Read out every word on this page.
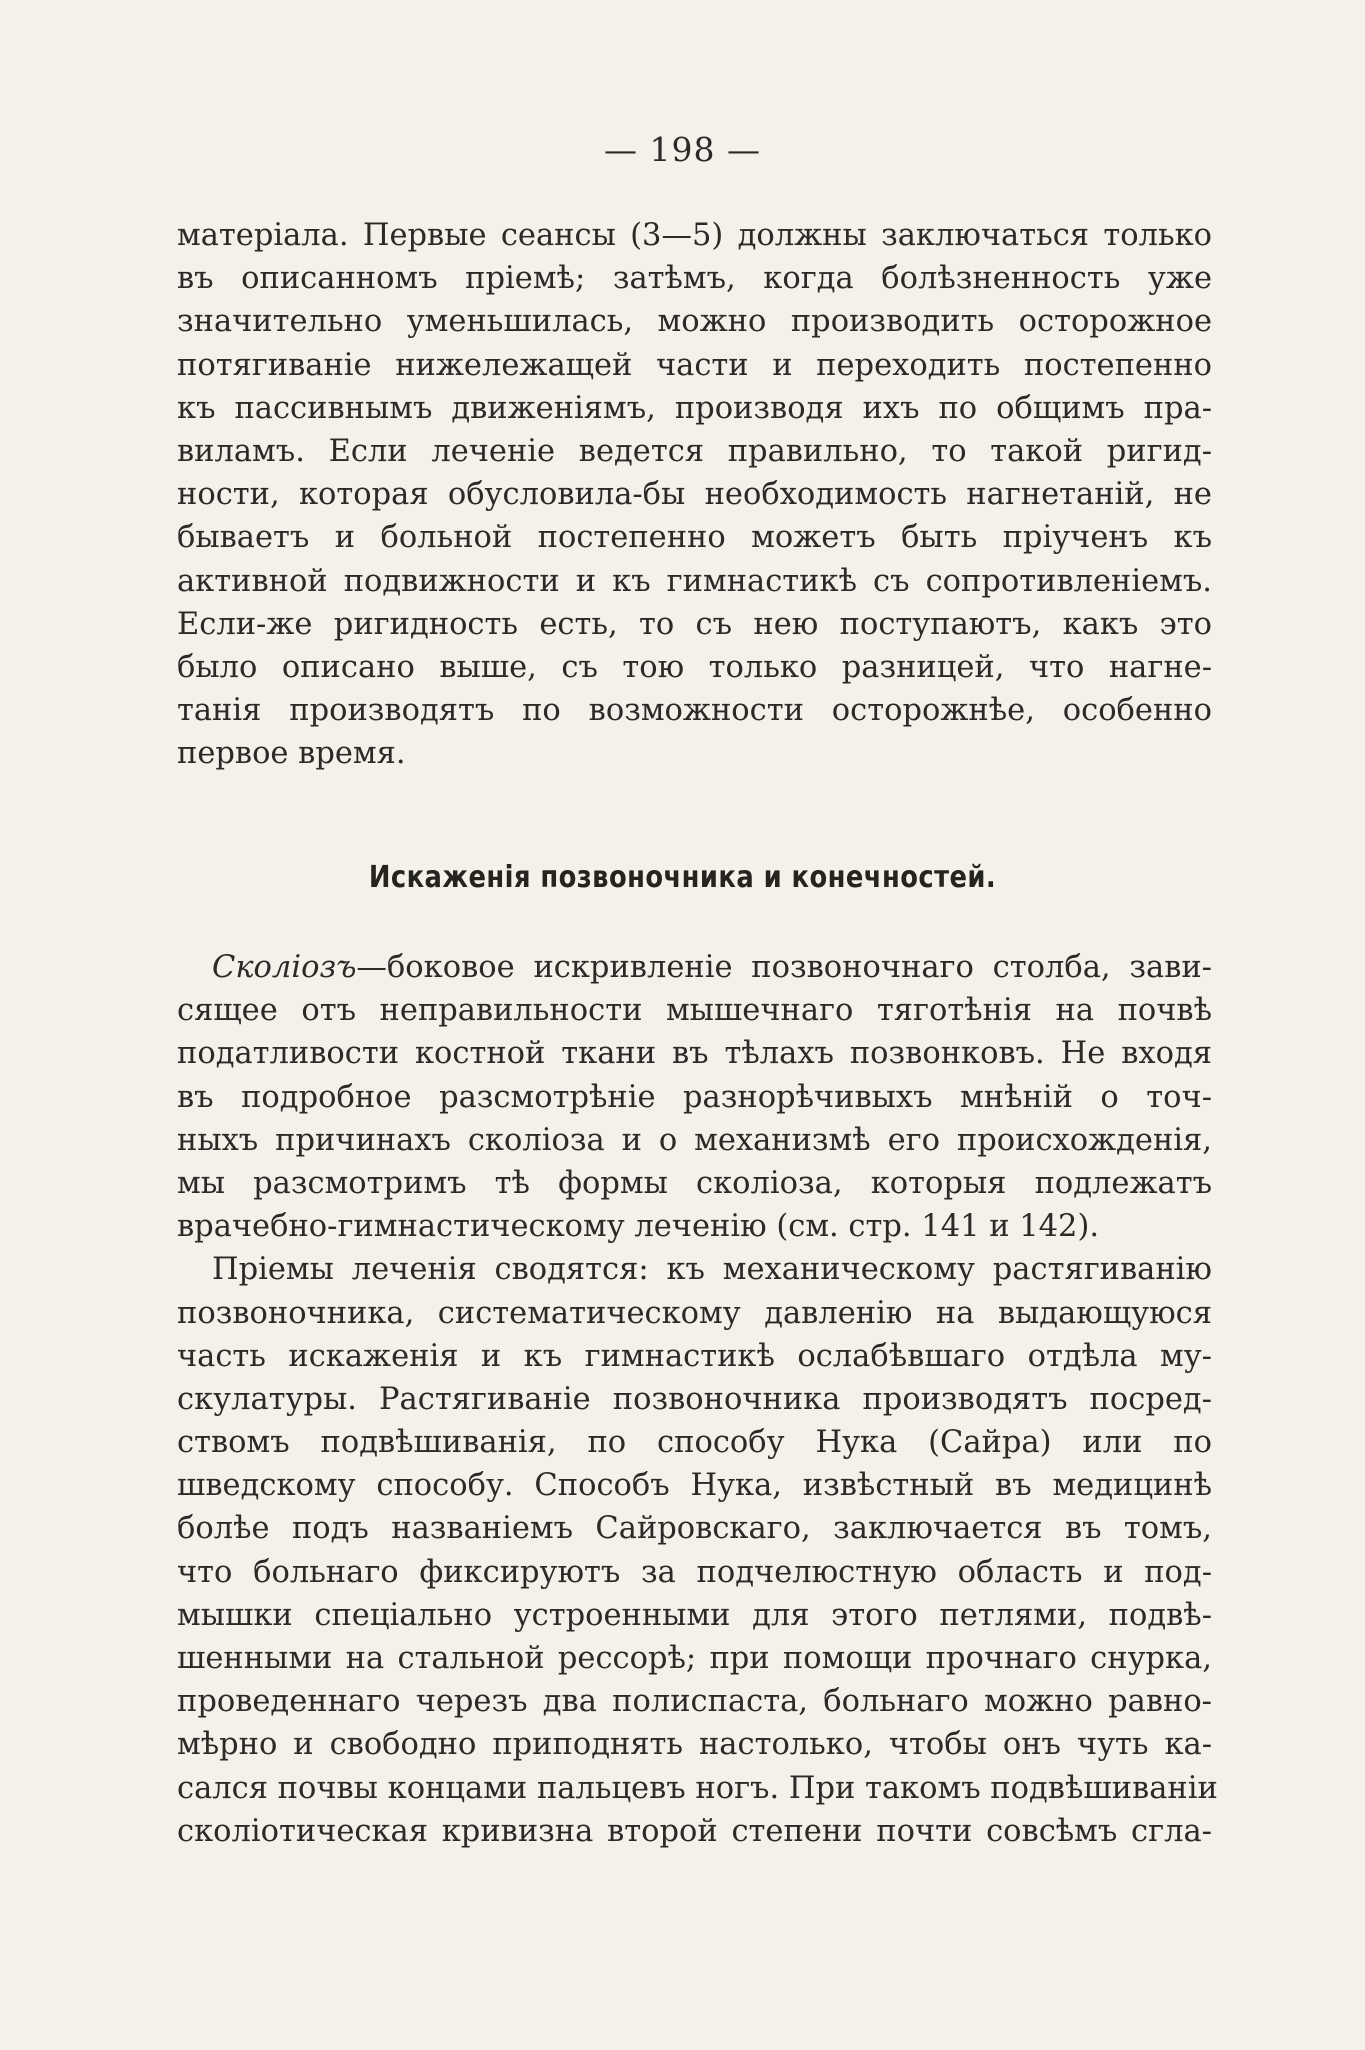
— 198 —
матеріала. Первые сеансы (3—5) должны заключаться только
въ описанномъ пріемѣ; затѣмъ, когда болѣзненность уже
значительно уменьшилась, можно производить осторожное
потягиваніе нижележащей части и переходить постепенно
къ пассивнымъ движеніямъ, производя ихъ по общимъ пра-
виламъ. Если леченіе ведется правильно, то такой ригид-
ности, которая обусловила-бы необходимость нагнетаній, не
бываетъ и больной постепенно можетъ быть пріученъ къ
активной подвижности и къ гимнастикѣ съ сопротивленіемъ.
Если-же ригидность есть, то съ нею поступаютъ, какъ это
было описано выше, съ тою только разницей, что нагне-
танія производятъ по возможности осторожнѣе, особенно
первое время.
Искаженія позвоночника и конечностей.
Сколіозъ—боковое искривленіе позвоночнаго столба, зави-
сящее отъ неправильности мышечнаго тяготѣнія на почвѣ
податливости костной ткани въ тѣлахъ позвонковъ. Не входя
въ подробное разсмотрѣніе разнорѣчивыхъ мнѣній о точ-
ныхъ причинахъ сколіоза и о механизмѣ его происхожденія,
мы разсмотримъ тѣ формы сколіоза, которыя подлежатъ
врачебно-гимнастическому леченію (см. стр. 141 и 142).
Пріемы леченія сводятся: къ механическому растягиванію
позвоночника, систематическому давленію на выдающуюся
часть искаженія и къ гимнастикѣ ослабѣвшаго отдѣла му-
скулатуры. Растягиваніе позвоночника производятъ посред-
ствомъ подвѣшиванія, по способу Нука (Сайра) или по
шведскому способу. Способъ Нука, извѣстный въ медицинѣ
болѣе подъ названіемъ Сайровскаго, заключается въ томъ,
что больнаго фиксируютъ за подчелюстную область и под-
мышки спеціально устроенными для этого петлями, подвѣ-
шенными на стальной рессорѣ; при помощи прочнаго снурка,
проведеннаго черезъ два полиспаста, больнаго можно равно-
мѣрно и свободно приподнять настолько, чтобы онъ чуть ка-
сался почвы концами пальцевъ ногъ. При такомъ подвѣшиваніи
сколіотическая кривизна второй степени почти совсѣмъ сгла-
